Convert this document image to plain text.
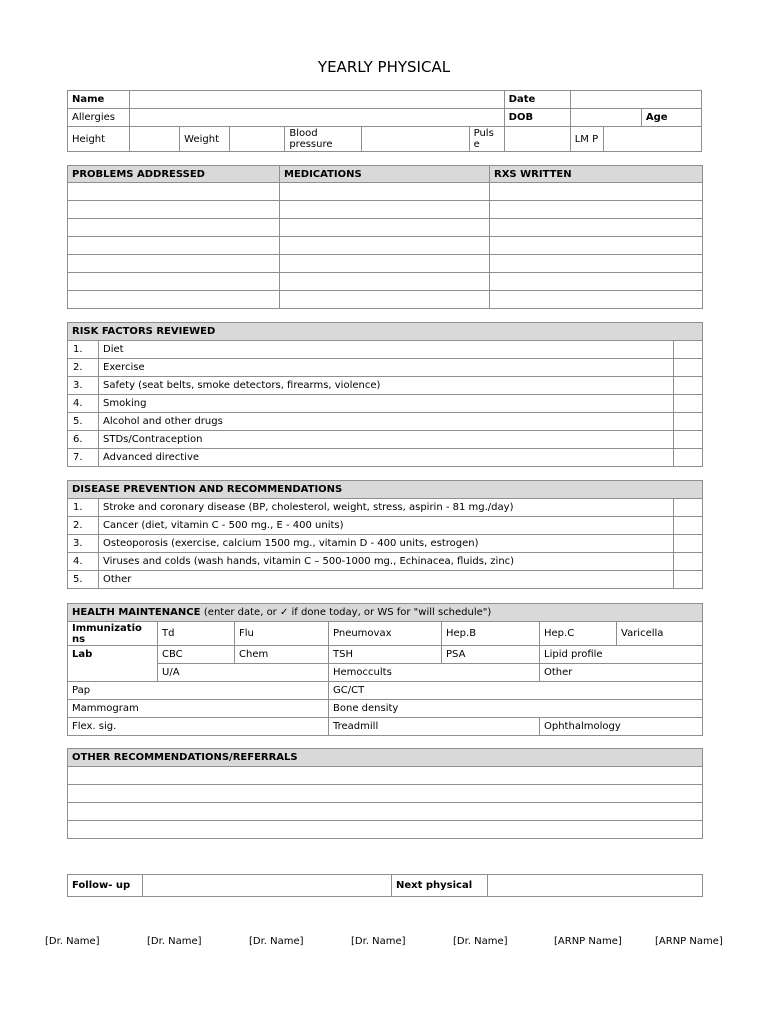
YEARLY PHYSICAL
Name							Date			
Allergies							DOB			Age
Height		Weight		Blood pressure		Puls e		LM P		
PROBLEMS ADDRESSED	MEDICATIONS	RXS WRITTEN

RISK FACTORS REVIEWED		
1.	Diet	
2.	Exercise	
3.	Safety (seat belts, smoke detectors, firearms, violence)	
4.	Smoking	
5.	Alcohol and other drugs	
6.	STDs/Contraception	
7.	Advanced directive	
DISEASE PREVENTION AND RECOMMENDATIONS		
1.	Stroke and coronary disease (BP, cholesterol, weight, stress, aspirin - 81 mg./day)	
2.	Cancer (diet, vitamin C - 500 mg., E - 400 units)	
3.	Osteoporosis (exercise, calcium 1500 mg., vitamin D - 400 units, estrogen)	
4.	Viruses and colds (wash hands, vitamin C – 500-1000 mg., Echinacea, fluids, zinc)	
5.	Other	
HEALTH MAINTENANCE (enter date, or ✓ if done today, or WS for "will schedule")						
Immunizatio ns	Td	Flu	Pneumovax	Hep.B	Hep.C	Varicella
Lab	CBC	Chem	TSH	PSA	Lipid profile	
	U/A		Hemoccults		Other	
Pap			GC/CT			
Mammogram			Bone density			
Flex. sig.			Treadmill		Ophthalmology	
OTHER RECOMMENDATIONS/REFERRALS

Follow- up		Next physical	
[Dr. Name]	[Dr. Name]	[Dr. Name]	[Dr. Name]	[Dr. Name]	[ARNP Name]	[ARNP Name]
